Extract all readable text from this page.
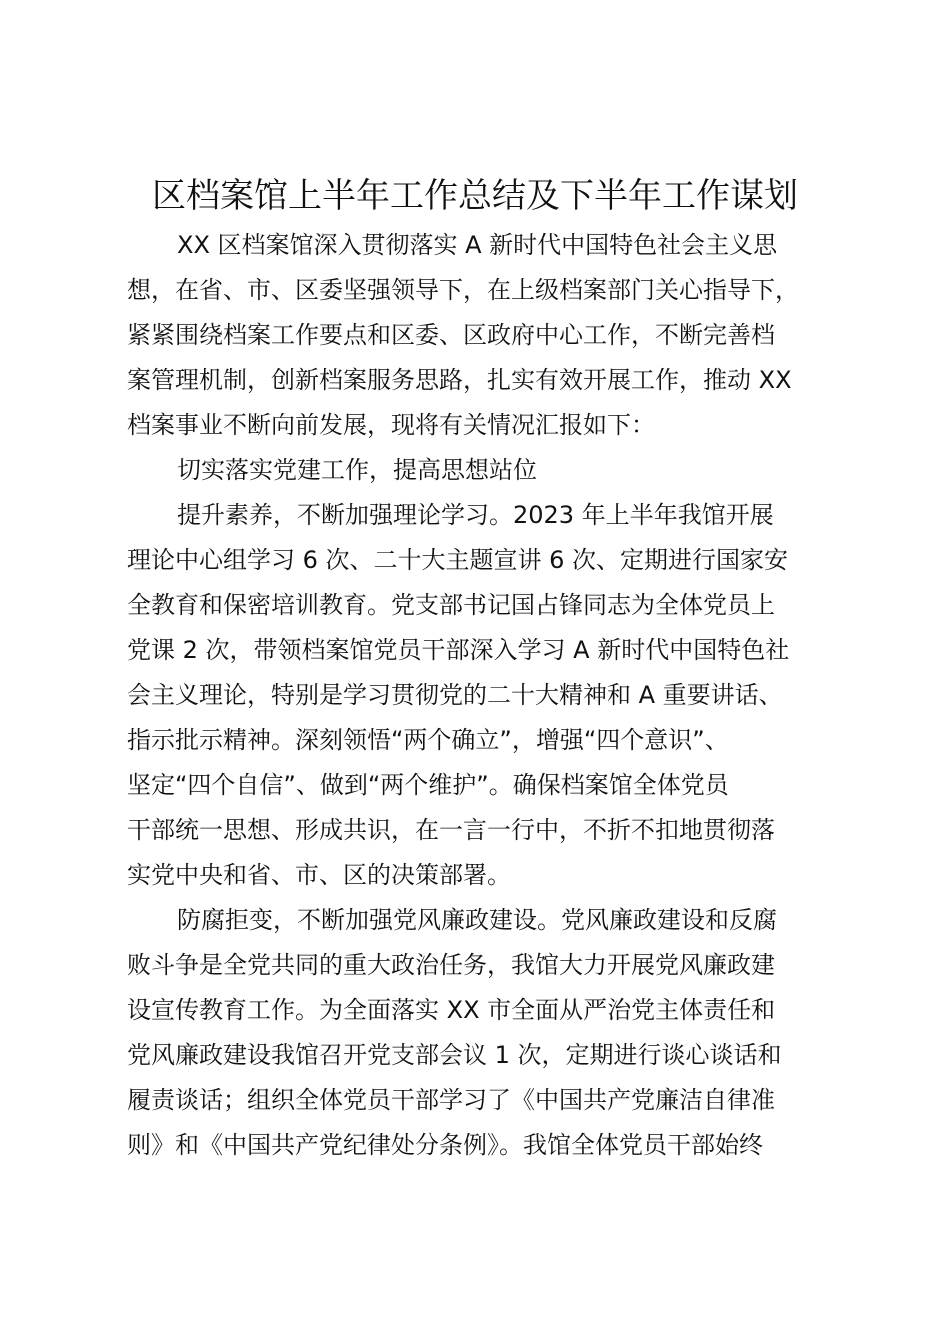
区档案馆上半年工作总结及下半年工作谋划
XX 区档案馆深入贯彻落实 A 新时代中国特色社会主义思
想，在省、市、区委坚强领导下，在上级档案部门关心指导下，
紧紧围绕档案工作要点和区委、区政府中心工作，不断完善档
案管理机制，创新档案服务思路，扎实有效开展工作，推动 XX
档案事业不断向前发展，现将有关情况汇报如下：
切实落实党建工作，提高思想站位
提升素养，不断加强理论学习。2023 年上半年我馆开展
理论中心组学习 6 次、二十大主题宣讲 6 次、定期进行国家安
全教育和保密培训教育。党支部书记国占锋同志为全体党员上
党课 2 次，带领档案馆党员干部深入学习 A 新时代中国特色社
会主义理论，特别是学习贯彻党的二十大精神和 A 重要讲话、
指示批示精神。深刻领悟“两个确立”，增强“四个意识”、
坚定“四个自信”、做到“两个维护”。确保档案馆全体党员
干部统一思想、形成共识，在一言一行中，不折不扣地贯彻落
实党中央和省、市、区的决策部署。
防腐拒变，不断加强党风廉政建设。党风廉政建设和反腐
败斗争是全党共同的重大政治任务，我馆大力开展党风廉政建
设宣传教育工作。为全面落实 XX 市全面从严治党主体责任和
党风廉政建设我馆召开党支部会议 1 次，定期进行谈心谈话和
履责谈话；组织全体党员干部学习了《中国共产党廉洁自律准
则》和《中国共产党纪律处分条例》。我馆全体党员干部始终
